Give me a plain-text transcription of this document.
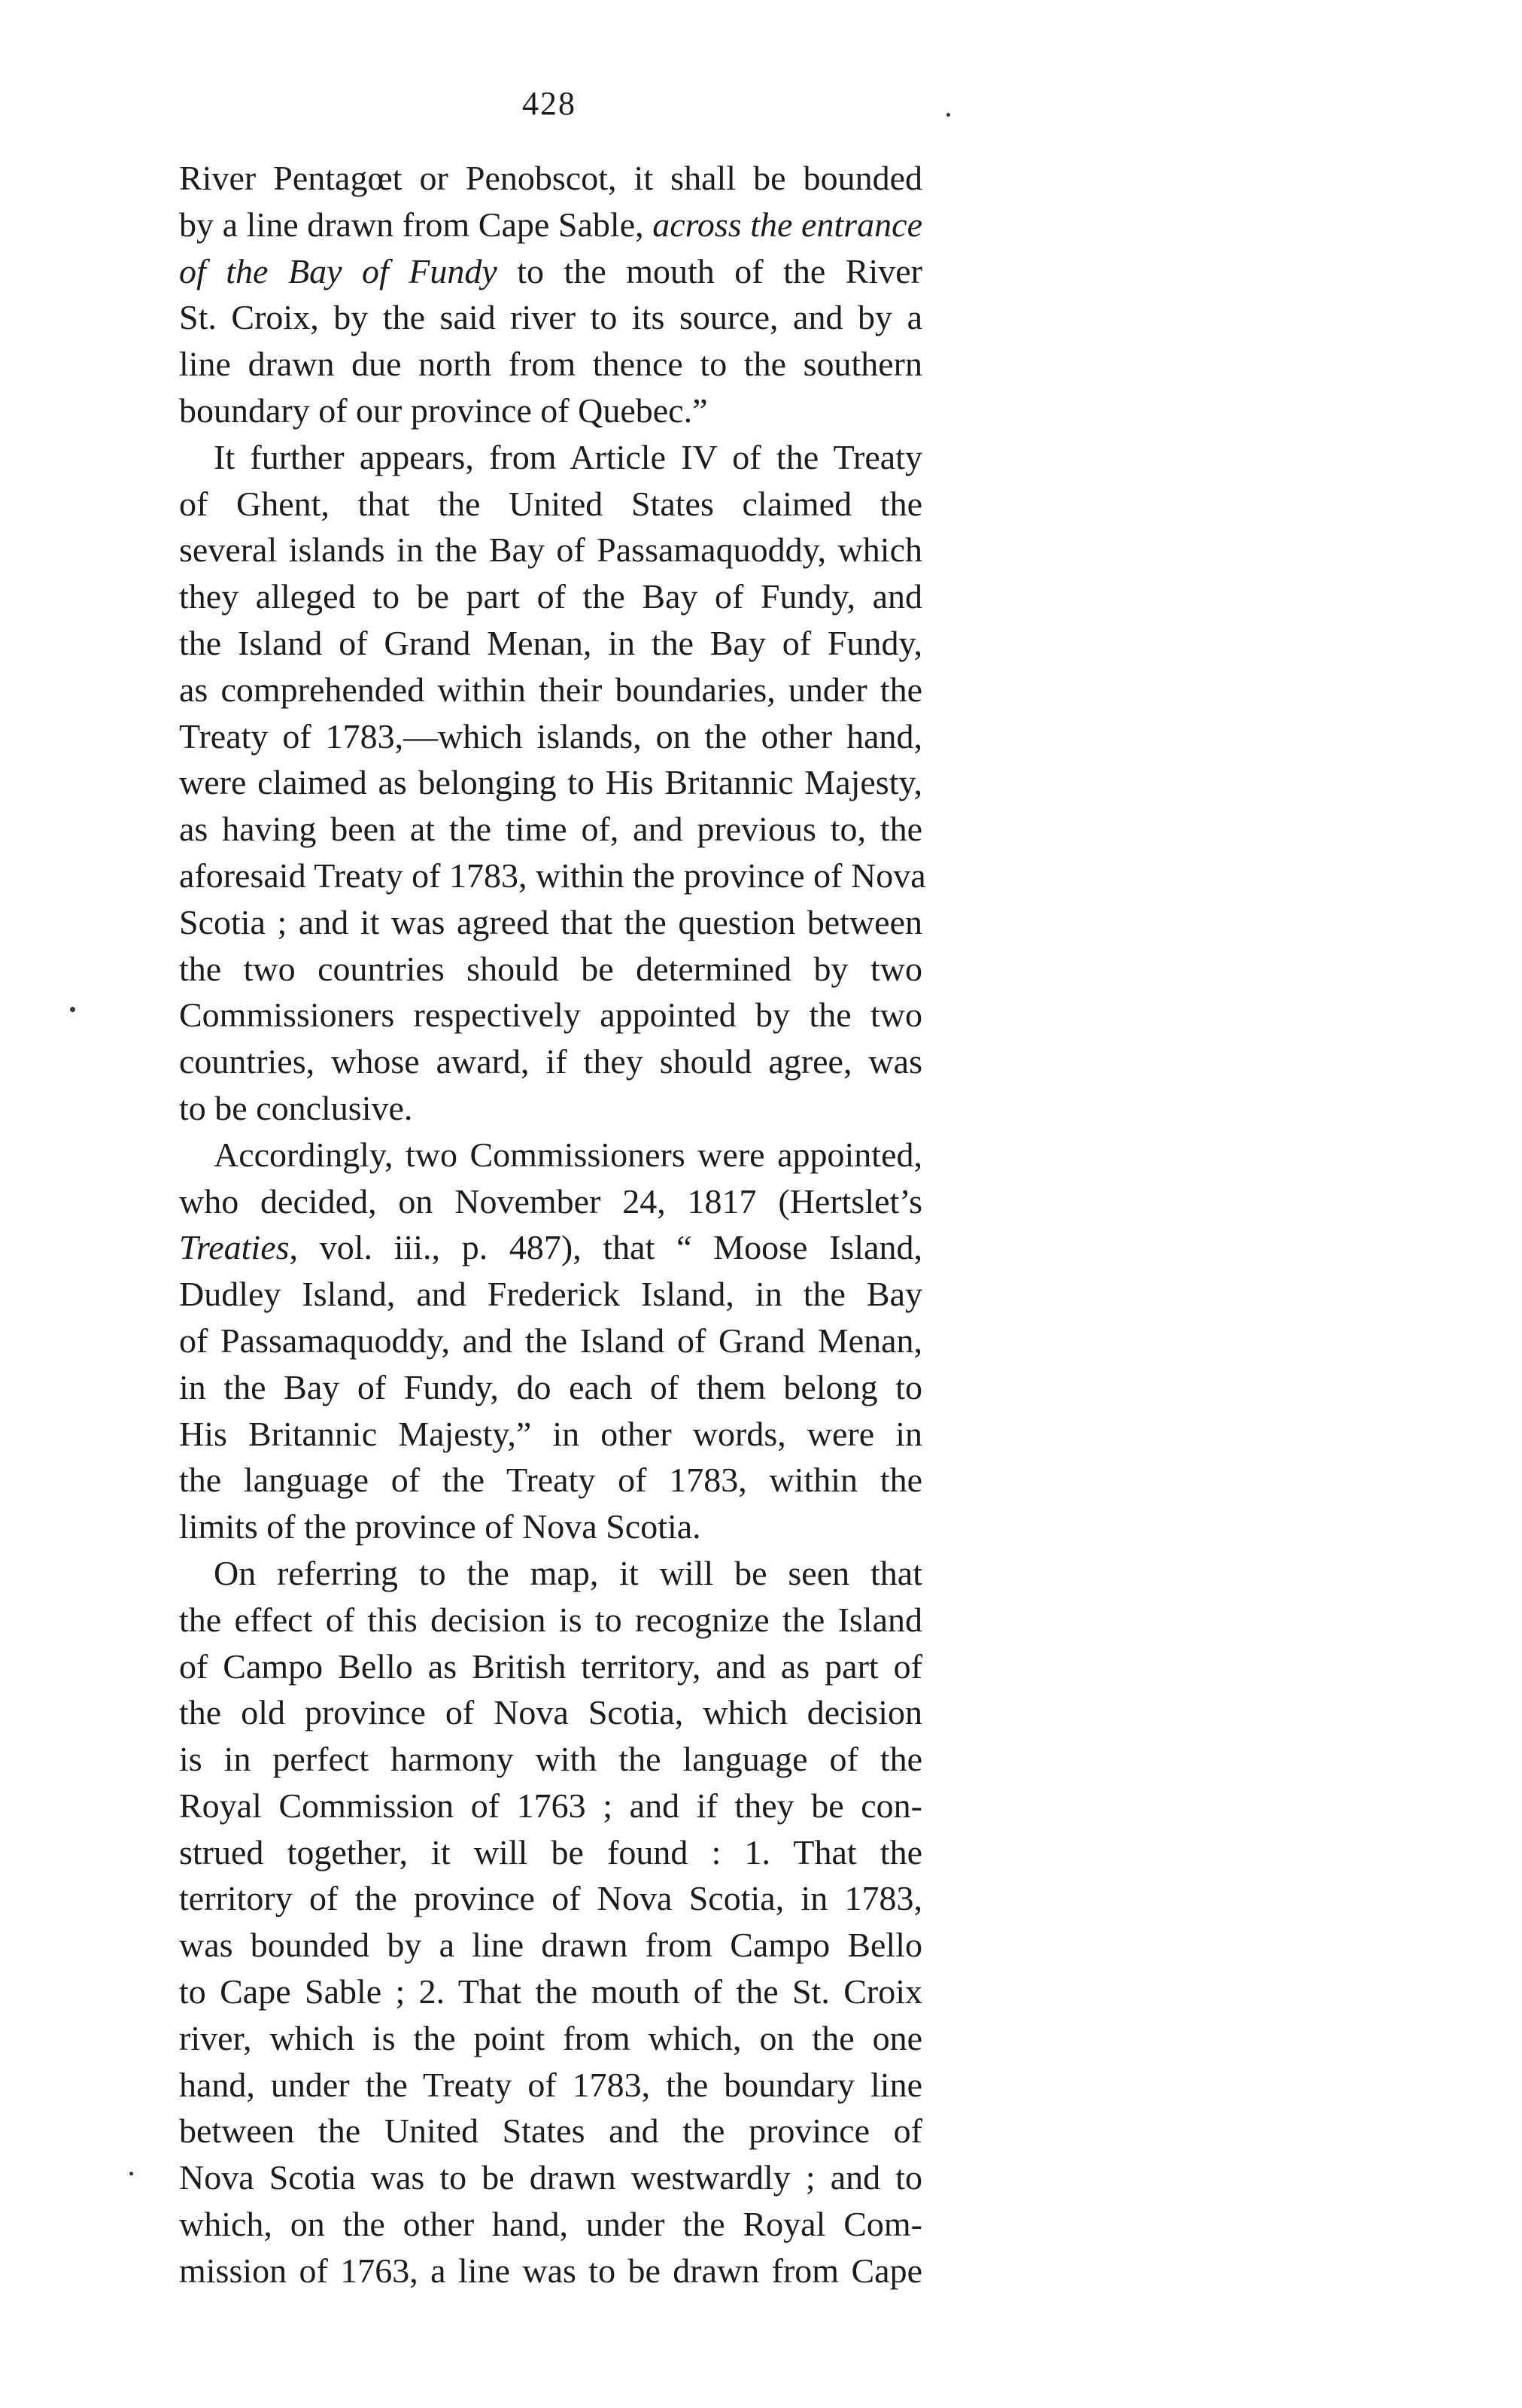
428
River Pentagœt or Penobscot, it shall be bounded
by a line drawn from Cape Sable, across the entrance
of the Bay of Fundy to the mouth of the River
St. Croix, by the said river to its source, and by a
line drawn due north from thence to the southern
boundary of our province of Quebec.”
It further appears, from Article IV of the Treaty
of Ghent, that the United States claimed the
several islands in the Bay of Passamaquoddy, which
they alleged to be part of the Bay of Fundy, and
the Island of Grand Menan, in the Bay of Fundy,
as comprehended within their boundaries, under the
Treaty of 1783,—which islands, on the other hand,
were claimed as belonging to His Britannic Majesty,
as having been at the time of, and previous to, the
aforesaid Treaty of 1783, within the province of Nova
Scotia ; and it was agreed that the question between
the two countries should be determined by two
Commissioners respectively appointed by the two
countries, whose award, if they should agree, was
to be conclusive.
Accordingly, two Commissioners were appointed,
who decided, on November 24, 1817 (Hertslet’s
Treaties, vol. iii., p. 487), that “ Moose Island,
Dudley Island, and Frederick Island, in the Bay
of Passamaquoddy, and the Island of Grand Menan,
in the Bay of Fundy, do each of them belong to
His Britannic Majesty,” in other words, were in
the language of the Treaty of 1783, within the
limits of the province of Nova Scotia.
On referring to the map, it will be seen that
the effect of this decision is to recognize the Island
of Campo Bello as British territory, and as part of
the old province of Nova Scotia, which decision
is in perfect harmony with the language of the
Royal Commission of 1763 ; and if they be con-
strued together, it will be found : 1. That the
territory of the province of Nova Scotia, in 1783,
was bounded by a line drawn from Campo Bello
to Cape Sable ; 2. That the mouth of the St. Croix
river, which is the point from which, on the one
hand, under the Treaty of 1783, the boundary line
between the United States and the province of
Nova Scotia was to be drawn westwardly ; and to
which, on the other hand, under the Royal Com-
mission of 1763, a line was to be drawn from Cape
